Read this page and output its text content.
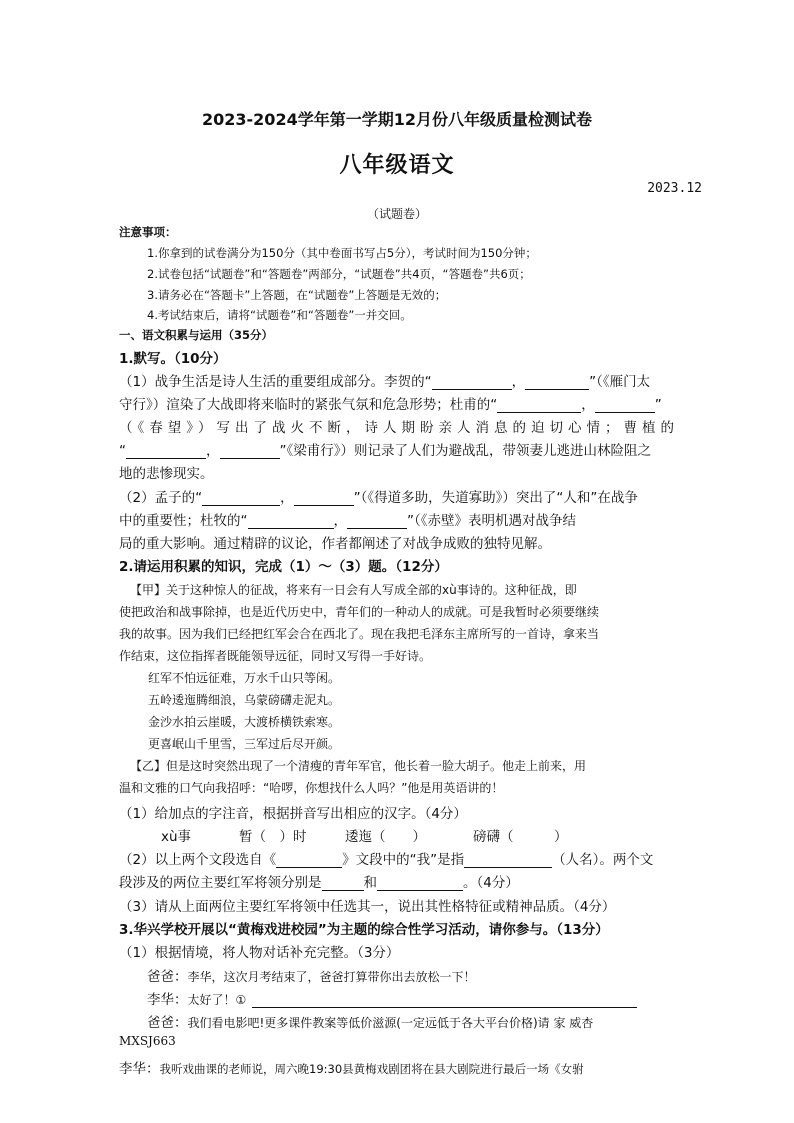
2023-2024学年第一学期12月份八年级质量检测试卷
八年级语文
2023.12
（试题卷）
注意事项：
1.你拿到的试卷满分为150分（其中卷面书写占5分），考试时间为150分钟；
2.试卷包括“试题卷”和“答题卷”两部分，“试题卷”共4页，“答题卷”共6页；
3.请务必在“答题卡”上答题，在“试题卷”上答题是无效的；
4.考试结束后，请将“试题卷”和“答题卷”一并交回。
一、语文积累与运用（35分）
1.默写。（10分）
（1）战争生活是诗人生活的重要组成部分。李贺的“	，	”（《雁门太
守行》）渲染了大战即将来临时的紧张气氛和危急形势；杜甫的“	，	”
（《春望》）写出了战火不断，诗人期盼亲人消息的迫切心情；曹植的
“	，	”《梁甫行》）则记录了人们为避战乱，带领妻儿逃进山林险阻之
地的悲惨现实。
（2）孟子的“	，	”（《得道多助，失道寡助》）突出了“人和”在战争
中的重要性；杜牧的“	，	”（《赤壁》表明机遇对战争结
局的重大影响。通过精辟的议论，作者都阐述了对战争成败的独特见解。
2.请运用积累的知识，完成（1）～（3）题。（12分）
【甲】关于这种惊人的征战，将来有一日会有人写成全部的xù事诗的。这种征战，即
使把政治和战事除掉，也是近代历史中，青年们的一种动人的成就。可是我暂时必须要继续
我的故事。因为我们已经把红军会合在西北了。现在我把毛泽东主席所写的一首诗，拿来当
作结束，这位指挥者既能领导远征，同时又写得一手好诗。
红军不怕远征难，万水千山只等闲。
五岭逶迤腾细浪，乌蒙磅礴走泥丸。
金沙水拍云崖暖，大渡桥横铁索寒。
更喜岷山千里雪，三军过后尽开颜。
【乙】但是这时突然出现了一个清瘦的青年军官，他长着一脸大胡子。他走上前来，用
温和文雅的口气向我招呼：“哈啰，你想找什么人吗？”他是用英语讲的！
（1）给加点的字注音，根据拼音写出相应的汉字。（4分）
xù事	暂（　）时	逶迤（　　）	磅礴（　　　）
（2）以上两个文段选自《	》文段中的“我”是指	（人名）。两个文
段涉及的两位主要红军将领分别是	和	。（4分）
（3）请从上面两位主要红军将领中任选其一，说出其性格特征或精神品质。（4分）
3.华兴学校开展以“黄梅戏进校园”为主题的综合性学习活动，请你参与。（13分）
（1）根据情境，将人物对话补充完整。（3分）
爸爸：李华，这次月考结束了，爸爸打算带你出去放松一下！
李华：太好了！①
爸爸：我们看电影吧!更多课件教案等低价滋源(一定远低于各大平台价格)请 家 威杏
MXSJ663
李华：我听戏曲课的老师说，周六晚19:30县黄梅戏剧团将在县大剧院进行最后一场《女驸
